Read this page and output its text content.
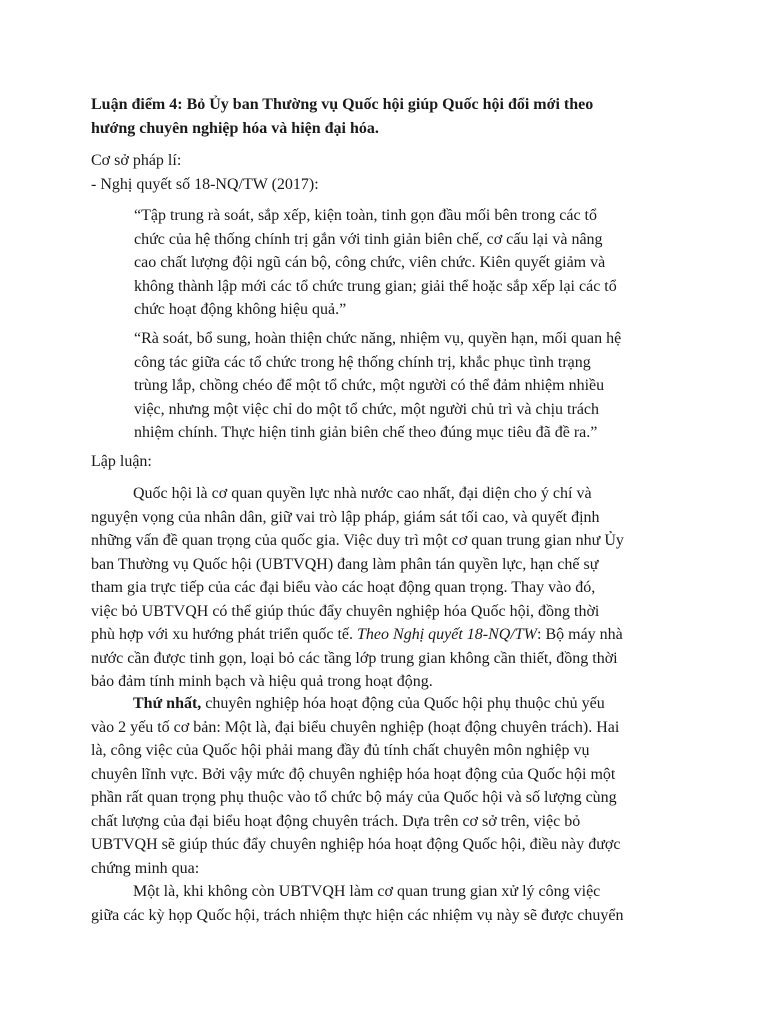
Luận điểm 4: Bỏ Ủy ban Thường vụ Quốc hội giúp Quốc hội đổi mới theo
hướng chuyên nghiệp hóa và hiện đại hóa.

Cơ sở pháp lí:
- Nghị quyết số 18-NQ/TW (2017):

“Tập trung rà soát, sắp xếp, kiện toàn, tinh gọn đầu mối bên trong các tổ
chức của hệ thống chính trị gắn với tinh giản biên chế, cơ cấu lại và nâng
cao chất lượng đội ngũ cán bộ, công chức, viên chức. Kiên quyết giảm và
không thành lập mới các tổ chức trung gian; giải thể hoặc sắp xếp lại các tổ
chức hoạt động không hiệu quả.”

“Rà soát, bổ sung, hoàn thiện chức năng, nhiệm vụ, quyền hạn, mối quan hệ
công tác giữa các tổ chức trong hệ thống chính trị, khắc phục tình trạng
trùng lắp, chồng chéo để một tổ chức, một người có thể đảm nhiệm nhiều
việc, nhưng một việc chỉ do một tổ chức, một người chủ trì và chịu trách
nhiệm chính. Thực hiện tinh giản biên chế theo đúng mục tiêu đã đề ra.”

Lập luận:

Quốc hội là cơ quan quyền lực nhà nước cao nhất, đại diện cho ý chí và
nguyện vọng của nhân dân, giữ vai trò lập pháp, giám sát tối cao, và quyết định
những vấn đề quan trọng của quốc gia. Việc duy trì một cơ quan trung gian như Ủy
ban Thường vụ Quốc hội (UBTVQH) đang làm phân tán quyền lực, hạn chế sự
tham gia trực tiếp của các đại biểu vào các hoạt động quan trọng. Thay vào đó,
việc bỏ UBTVQH có thể giúp thúc đẩy chuyên nghiệp hóa Quốc hội, đồng thời
phù hợp với xu hướng phát triển quốc tế. Theo Nghị quyết 18-NQ/TW: Bộ máy nhà
nước cần được tinh gọn, loại bỏ các tầng lớp trung gian không cần thiết, đồng thời
bảo đảm tính minh bạch và hiệu quả trong hoạt động.

Thứ nhất, chuyên nghiệp hóa hoạt động của Quốc hội phụ thuộc chủ yếu
vào 2 yếu tố cơ bản: Một là, đại biểu chuyên nghiệp (hoạt động chuyên trách). Hai
là, công việc của Quốc hội phải mang đầy đủ tính chất chuyên môn nghiệp vụ
chuyên lĩnh vực. Bởi vậy mức độ chuyên nghiệp hóa hoạt động của Quốc hội một
phần rất quan trọng phụ thuộc vào tổ chức bộ máy của Quốc hội và số lượng cùng
chất lượng của đại biểu hoạt động chuyên trách. Dựa trên cơ sở trên, việc bỏ
UBTVQH sẽ giúp thúc đẩy chuyên nghiệp hóa hoạt động Quốc hội, điều này được
chứng minh qua:

Một là, khi không còn UBTVQH làm cơ quan trung gian xử lý công việc
giữa các kỳ họp Quốc hội, trách nhiệm thực hiện các nhiệm vụ này sẽ được chuyển
